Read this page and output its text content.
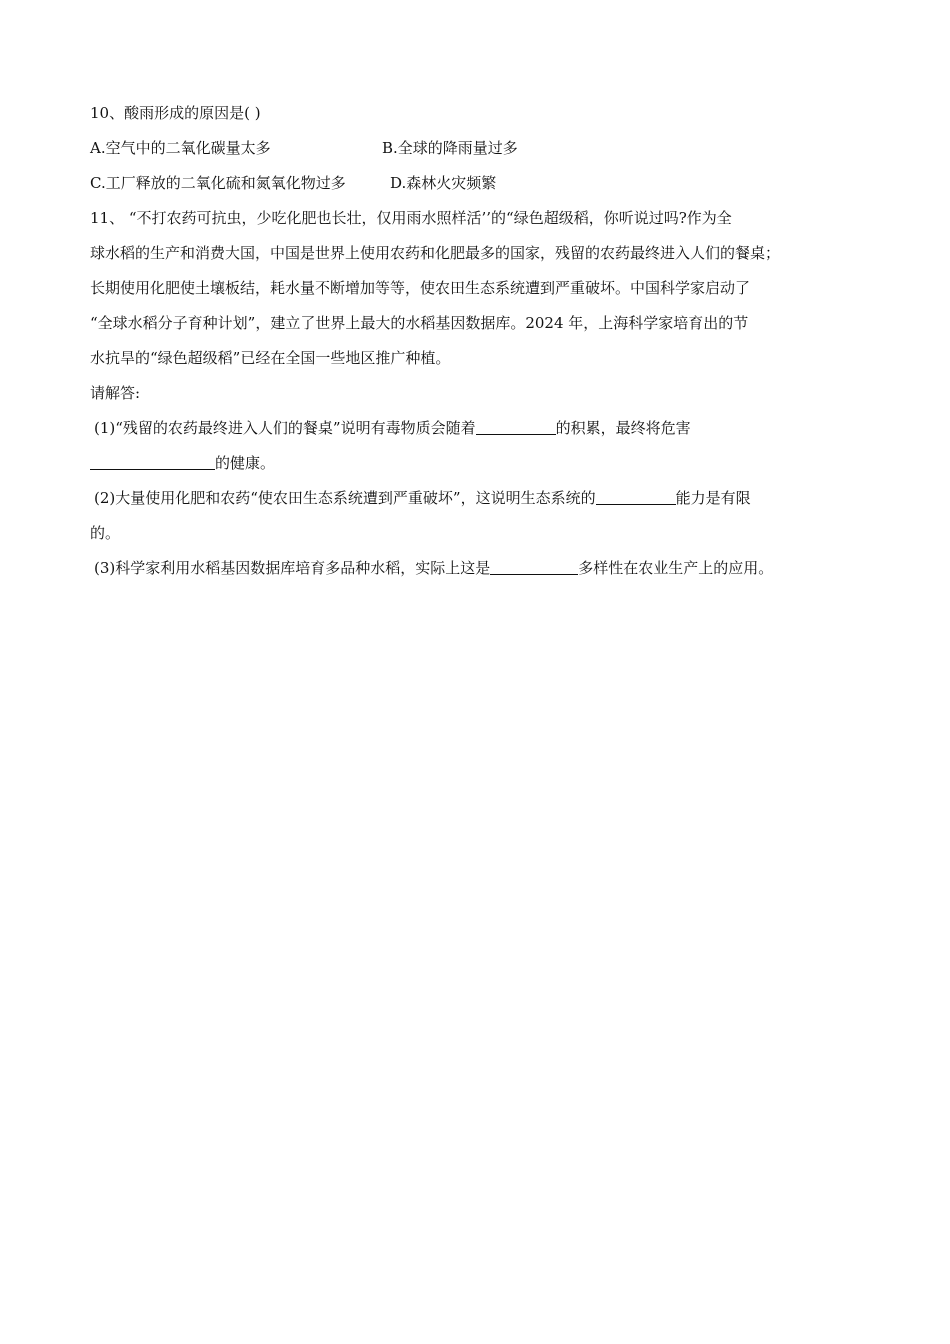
10、酸雨形成的原因是( )

A.空气中的二氧化碳量太多	B.全球的降雨量过多
C.工厂释放的二氧化硫和氮氧化物过多	D.森林火灾频繁

11、 “不打农药可抗虫，少吃化肥也长壮，仅用雨水照样活’’的“绿色超级稻，你听说过吗?作为全

球水稻的生产和消费大国，中国是世界上使用农药和化肥最多的国家，残留的农药最终进入人们的餐桌；

长期使用化肥使土壤板结，耗水量不断增加等等，使农田生态系统遭到严重破坏。中国科学家启动了

“全球水稻分子育种计划”，建立了世界上最大的水稻基因数据库。2024 年，上海科学家培育出的节

水抗旱的“绿色超级稻”已经在全国一些地区推广种植。

请解答:

(1)“残留的农药最终进入人们的餐桌”说明有毒物质会随着	的积累，最终将危害

的健康。

(2)大量使用化肥和农药“使农田生态系统遭到严重破坏”，这说明生态系统的	能力是有限

的。

(3)科学家利用水稻基因数据库培育多品种水稻，实际上这是	多样性在农业生产上的应用。
